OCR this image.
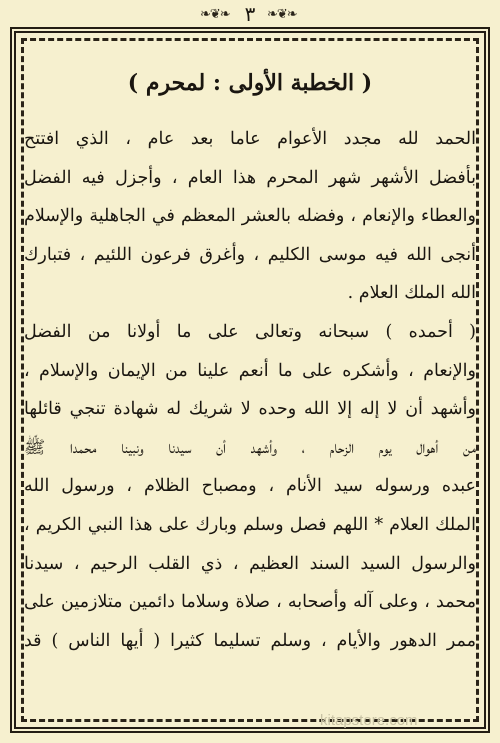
❧❦❧ ٣ ❧❦❧
( الخطبة الأولى : لمحرم )
الحمد لله مجدد الأعوام عاما بعد عام ، الذي افتتح
بأفضل الأشهر شهر المحرم هذا العام ، وأجزل فيه الفضل
والعطاء والإنعام ، وفضله بالعشر المعظم في الجاهلية والإسلام
أنجى الله فيه موسى الكليم ، وأغرق فرعون اللئيم ، فتبارك
الله الملك العلام .
( أحمده ) سبحانه وتعالى على ما أولانا من الفضل
والإنعام ، وأشكره على ما أنعم علينا من الإيمان والإسلام ،
وأشهد أن لا إله إلا الله وحده لا شريك له شهادة تنجي قائلها
من أهوال يوم الزحام ، وأشهد أن سيدنا ونبينا محمدا ﷺ
عبده ورسوله سيد الأنام ، ومصباح الظلام ، ورسول الله
الملك العلام * اللهم فصل وسلم وبارك على هذا النبي الكريم ،
والرسول السيد السند العظيم ، ذي القلب الرحيم ، سيدنا
محمد ، وعلى آله وأصحابه ، صلاة وسلاما دائمين متلازمين على
ممر الدهور والأيام ، وسلم تسليما كثيرا ( أيها الناس ) قد
kitapstore.com
